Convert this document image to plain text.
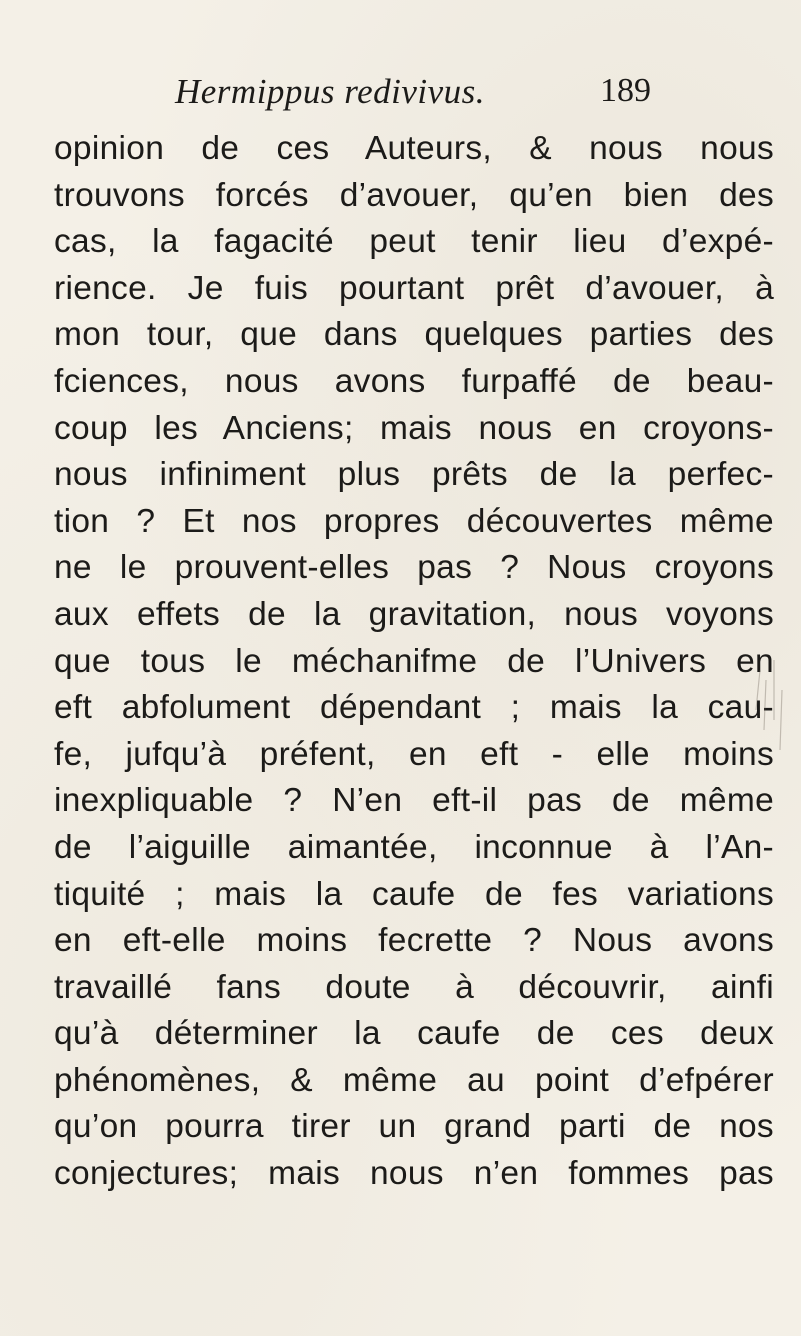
Hermippus redivivus.	189
opinion de ces Auteurs, & nous nous
trouvons forcés d’avouer, qu’en bien des
cas, la fagacité peut tenir lieu d’expé-
rience. Je fuis pourtant prêt d’avouer, à
mon tour, que dans quelques parties des
fciences, nous avons furpaffé de beau-
coup les Anciens; mais nous en croyons-
nous infiniment plus prêts de la perfec-
tion ? Et nos propres découvertes même
ne le prouvent-elles pas ? Nous croyons
aux effets de la gravitation, nous voyons
que tous le méchanifme de l’Univers en
eft abfolument dépendant ; mais la cau-
fe, jufqu’à préfent, en eft - elle moins
inexpliquable ? N’en eft-il pas de même
de l’aiguille aimantée, inconnue à l’An-
tiquité ; mais la caufe de fes variations
en eft-elle moins fecrette ? Nous avons
travaillé fans doute à découvrir, ainfi
qu’à déterminer la caufe de ces deux
phénomènes, & même au point d’efpérer
qu’on pourra tirer un grand parti de nos
conjectures; mais nous n’en fommes pas
